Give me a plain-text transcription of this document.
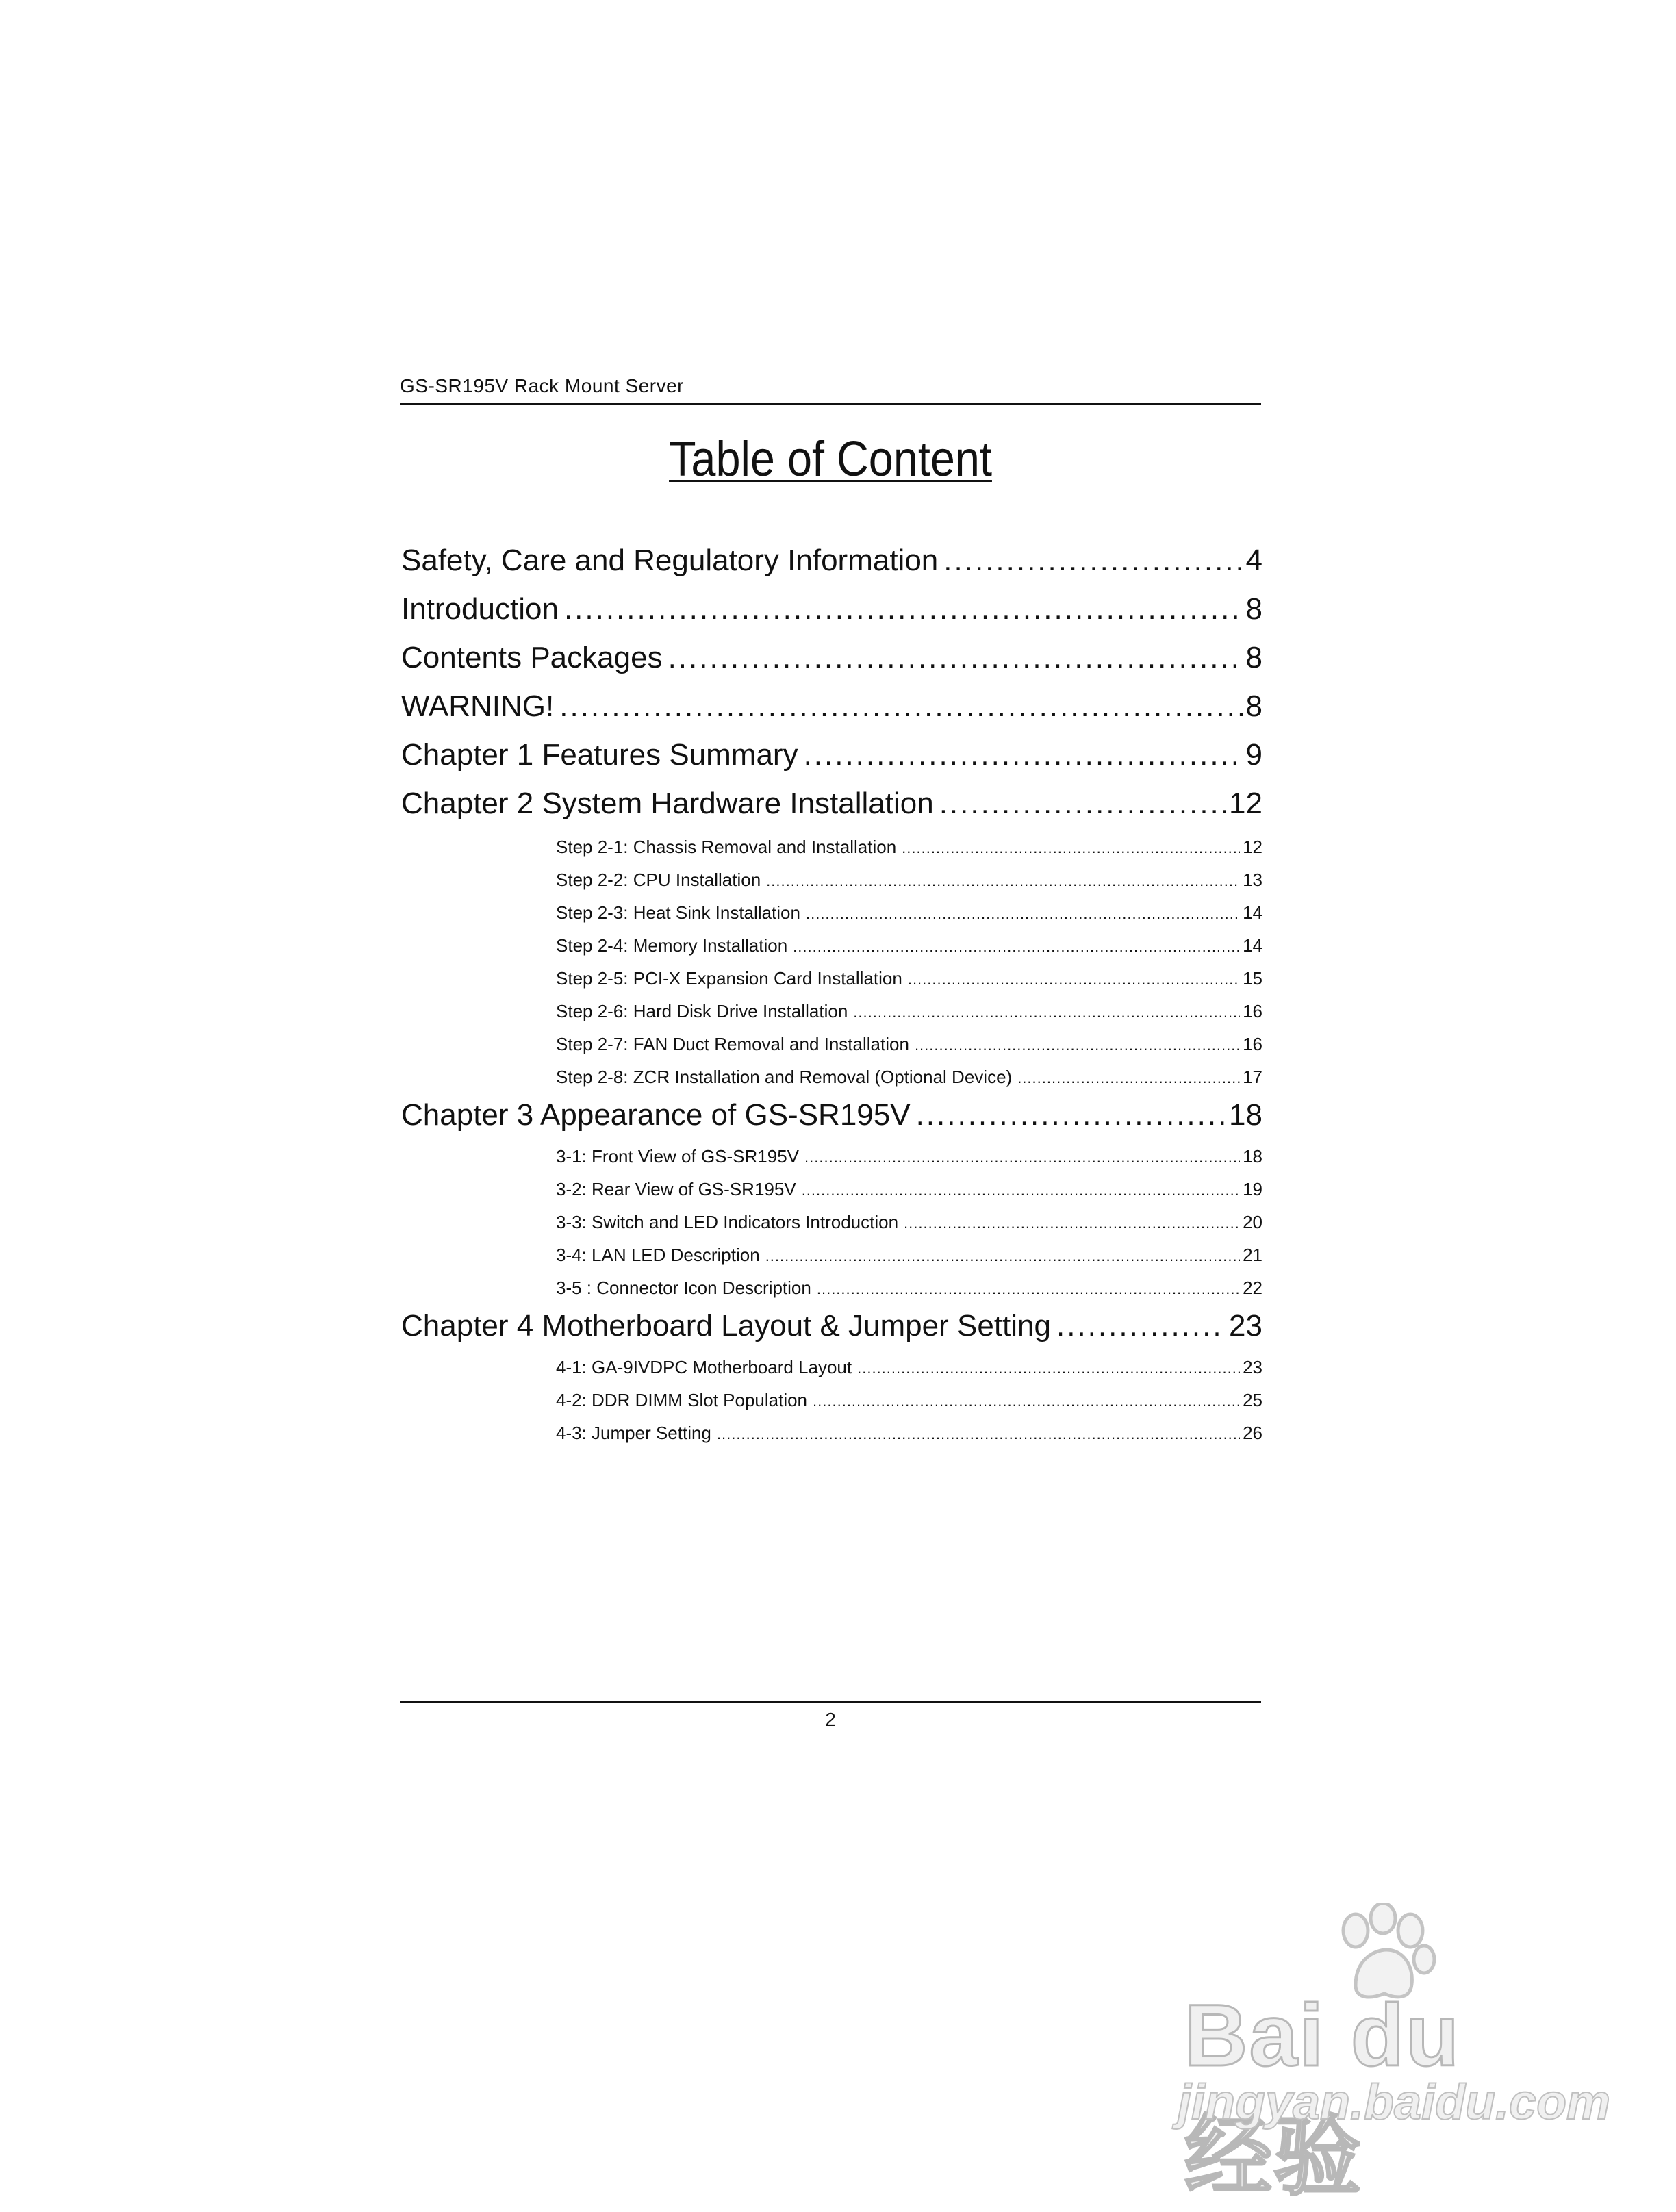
GS-SR195V Rack Mount Server
Table of Content
Safety, Care and Regulatory Information .....	4
Introduction .....	8
Contents Packages .....	8
WARNING! .....	8
Chapter 1 Features Summary .....	9
Chapter 2 System Hardware Installation .....	12
Step 2-1: Chassis Removal and Installation .....	12
Step 2-2: CPU Installation .....	13
Step 2-3: Heat Sink Installation .....	14
Step 2-4: Memory Installation .....	14
Step 2-5: PCI-X Expansion Card Installation .....	15
Step 2-6: Hard Disk Drive Installation .....	16
Step 2-7: FAN Duct Removal and Installation .....	16
Step 2-8: ZCR Installation and Removal (Optional Device) .....	17
Chapter 3 Appearance of GS-SR195V .....	18
3-1: Front View of GS-SR195V .....	18
3-2: Rear View of GS-SR195V .....	19
3-3: Switch and LED Indicators Introduction .....	20
3-4: LAN LED Description .....	21
3-5 : Connector Icon Description .....	22
Chapter 4 Motherboard Layout & Jumper Setting .....	23
4-1: GA-9IVDPC Motherboard Layout .....	23
4-2: DDR DIMM Slot Population .....	25
4-3: Jumper Setting .....	26
2
Bai du 经验
jingyan.baidu.com
